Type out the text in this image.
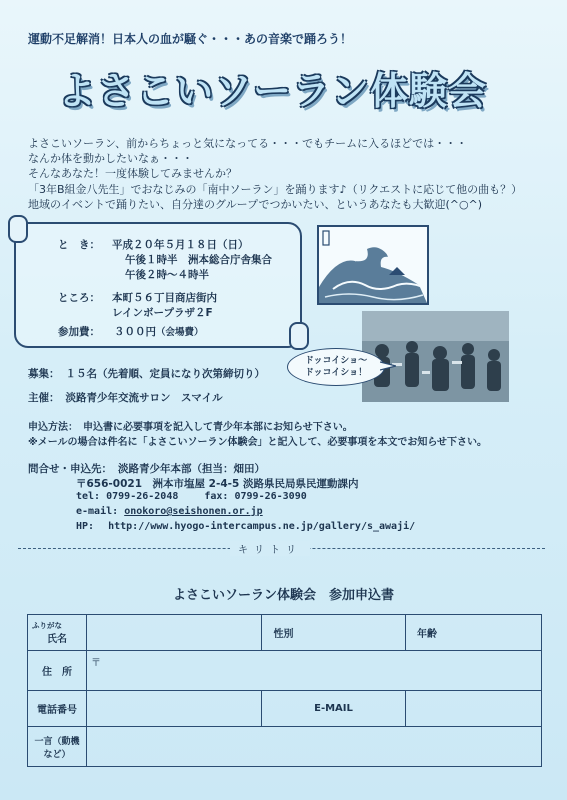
運動不足解消！日本人の血が騒ぐ・・・あの音楽で踊ろう！
よさこいソーラン体験会
よさこいソーラン、前からちょっと気になってる・・・でもチームに入るほどでは・・・
なんか体を動かしたいなぁ・・・
そんなあなた！一度体験してみませんか？
「3年B組金八先生」でおなじみの「南中ソーラン」を踊ります♪（リクエストに応じて他の曲も？）
地域のイベントで踊りたい、自分達のグループでつかいたい、というあなたも大歓迎(^○^)
と　き： 平成２０年５月１８日（日）
午後１時半　洲本総合庁舎集合
午後２時～４時半
ところ： 本町５６丁目商店街内
レインボープラザ２F
参加費： ３００円（会場費）
ドッコイショ～
ドッコイショ！
募集： １５名（先着順、定員になり次第締切り）
主催： 淡路青少年交流サロン　スマイル
申込方法：　申込書に必要事項を記入して青少年本部にお知らせ下さい。
※メールの場合は件名に「よさこいソーラン体験会」と記入して、必要事項を本文でお知らせ下さい。
問合せ・申込先： 淡路青少年本部（担当：畑田）
〒656-0021　洲本市塩屋 2-4-5 淡路県民局県民運動課内
tel: 0799-26-2048	fax: 0799-26-3090
e-mail: onokoro@seishonen.or.jp
HP: http://www.hyogo-intercampus.ne.jp/gallery/s_awaji/
キリトリ
よさこいソーラン体験会　参加申込書
ふりがな
氏名		性別		年齢	
住　所	〒				
電話番号		E-MAIL			

一言（動機
など）					
